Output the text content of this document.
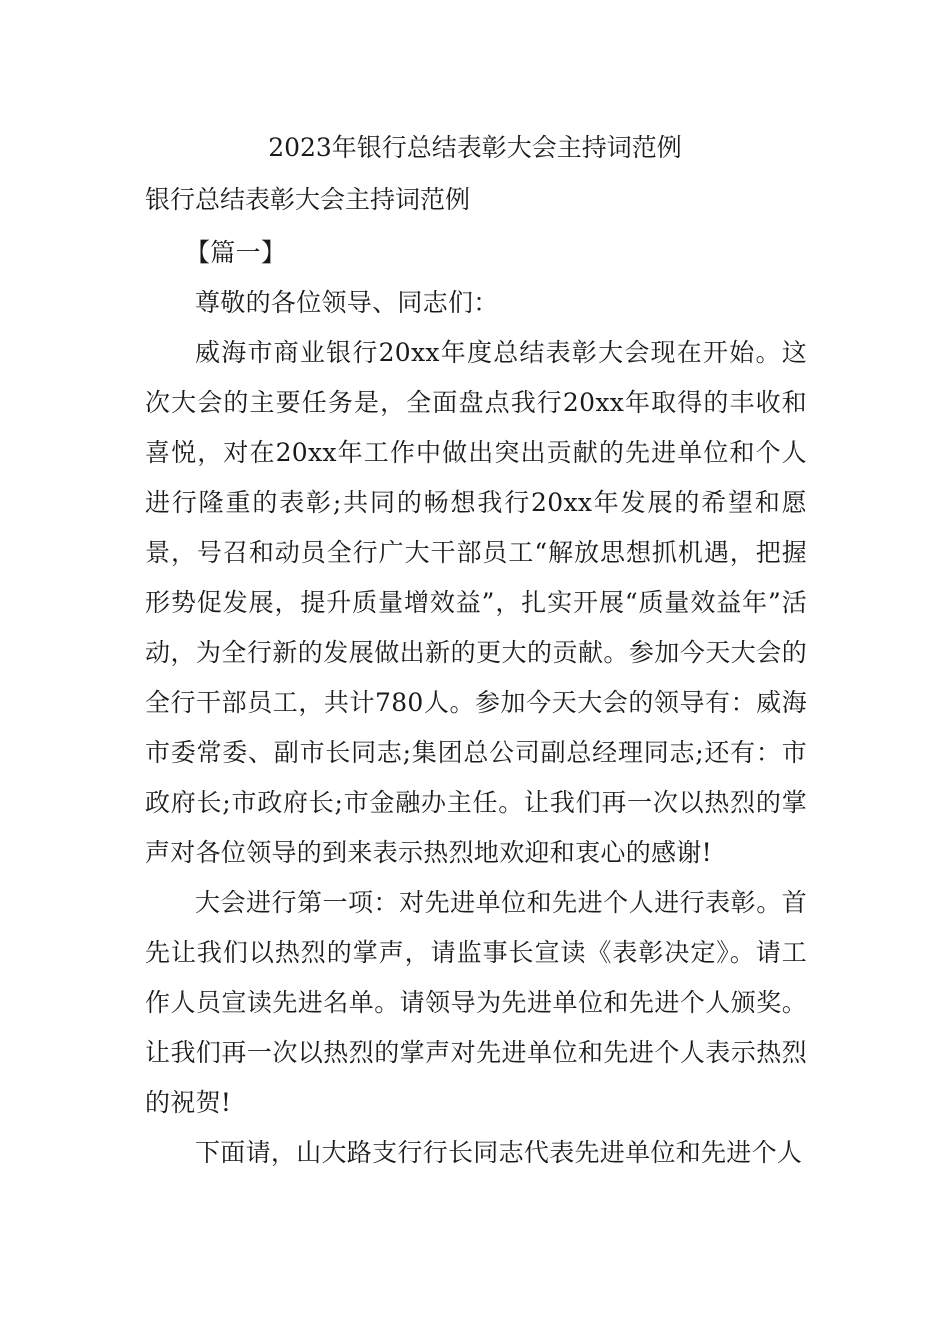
2023年银行总结表彰大会主持词范例
银行总结表彰大会主持词范例

【篇一】

尊敬的各位领导、同志们：

威海市商业银行20xx年度总结表彰大会现在开始。这次大会的主要任务是，全面盘点我行20xx年取得的丰收和喜悦，对在20xx年工作中做出突出贡献的先进单位和个人进行隆重的表彰;共同的畅想我行20xx年发展的希望和愿景，号召和动员全行广大干部员工“解放思想抓机遇，把握形势促发展，提升质量增效益”，扎实开展“质量效益年”活动，为全行新的发展做出新的更大的贡献。参加今天大会的全行干部员工，共计780人。参加今天大会的领导有：威海市委常委、副市长同志;集团总公司副总经理同志;还有：市政府长;市政府长;市金融办主任。让我们再一次以热烈的掌声对各位领导的到来表示热烈地欢迎和衷心的感谢!

大会进行第一项：对先进单位和先进个人进行表彰。首先让我们以热烈的掌声，请监事长宣读《表彰决定》。请工作人员宣读先进名单。请领导为先进单位和先进个人颁奖。让我们再一次以热烈的掌声对先进单位和先进个人表示热烈的祝贺!

下面请，山大路支行行长同志代表先进单位和先进个人
